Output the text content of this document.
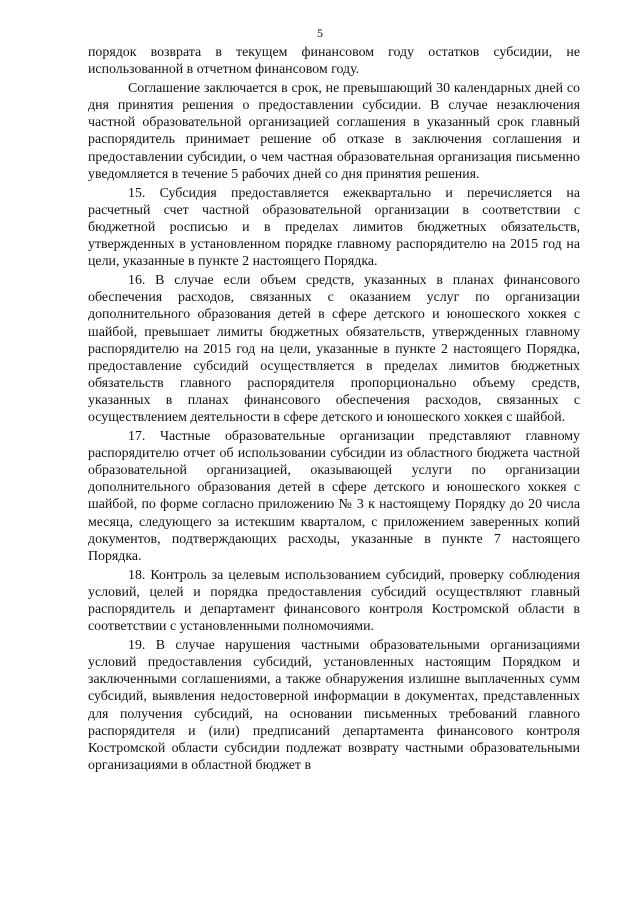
5

порядок возврата в текущем финансовом году остатков субсидии, не использованной в отчетном финансовом году.

Соглашение заключается в срок, не превышающий 30 календарных дней со дня принятия решения о предоставлении субсидии. В случае незаключения частной образовательной организацией соглашения в указанный срок главный распорядитель принимает решение об отказе в заключения соглашения и предоставлении субсидии, о чем частная образовательная организация письменно уведомляется в течение 5 рабочих дней со дня принятия решения.

15. Субсидия предоставляется ежеквартально и перечисляется на расчетный счет частной образовательной организации в соответствии с бюджетной росписью и в пределах лимитов бюджетных обязательств, утвержденных в установленном порядке главному распорядителю на 2015 год на цели, указанные в пункте 2 настоящего Порядка.

16. В случае если объем средств, указанных в планах финансового обеспечения расходов, связанных с оказанием услуг по организации дополнительного образования детей в сфере детского и юношеского хоккея с шайбой, превышает лимиты бюджетных обязательств, утвержденных главному распорядителю на 2015 год на цели, указанные в пункте 2 настоящего Порядка, предоставление субсидий осуществляется в пределах лимитов бюджетных обязательств главного распорядителя пропорционально объему средств, указанных в планах финансового обеспечения расходов, связанных с осуществлением деятельности в сфере детского и юношеского хоккея с шайбой.

17. Частные образовательные организации представляют главному распорядителю отчет об использовании субсидии из областного бюджета частной образовательной организацией, оказывающей услуги по организации дополнительного образования детей в сфере детского и юношеского хоккея с шайбой, по форме согласно приложению № 3 к настоящему Порядку до 20 числа месяца, следующего за истекшим кварталом, с приложением заверенных копий документов, подтверждающих расходы, указанные в пункте 7 настоящего Порядка.

18. Контроль за целевым использованием субсидий, проверку соблюдения условий, целей и порядка предоставления субсидий осуществляют главный распорядитель и департамент финансового контроля Костромской области в соответствии с установленными полномочиями.

19. В случае нарушения частными образовательными организациями условий предоставления субсидий, установленных настоящим Порядком и заключенными соглашениями, а также обнаружения излишне выплаченных сумм субсидий, выявления недостоверной информации в документах, представленных для получения субсидий, на основании письменных требований главного распорядителя и (или) предписаний департамента финансового контроля Костромской области субсидии подлежат возврату частными образовательными организациями в областной бюджет в
